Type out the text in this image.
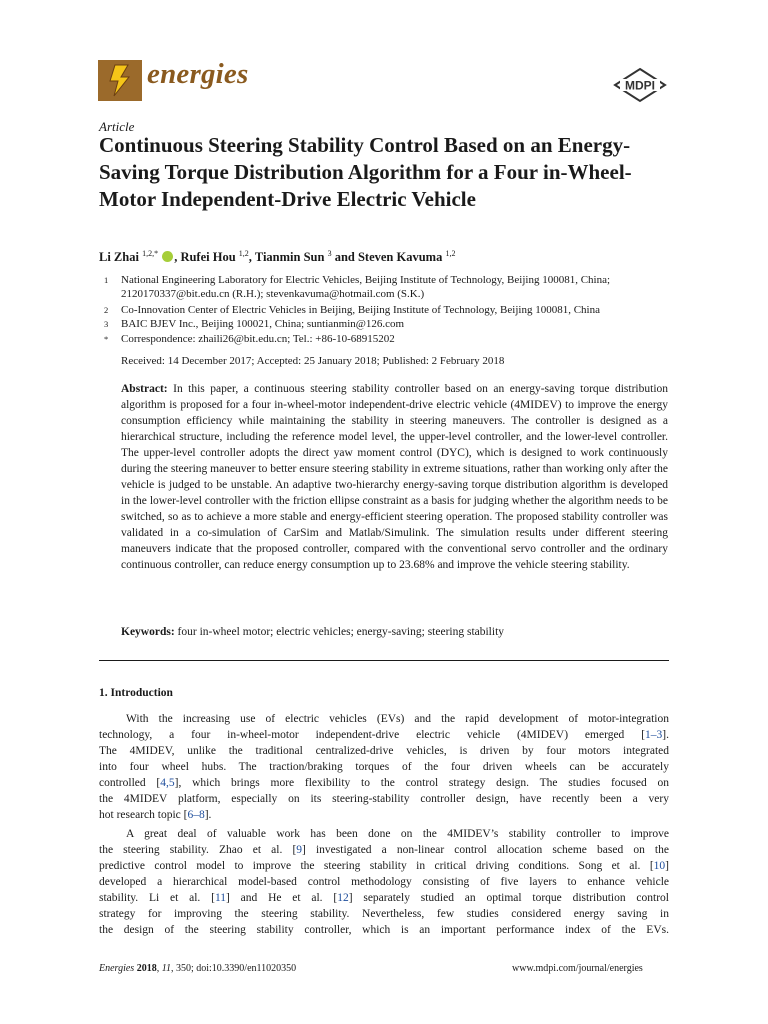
energies	MDPI
Article
Continuous Steering Stability Control Based on an Energy-Saving Torque Distribution Algorithm for a Four in-Wheel-Motor Independent-Drive Electric Vehicle
Li Zhai $^{1,2,*}$ , Rufei Hou $^{1,2}$, Tianmin Sun $^3$ and Steven Kavuma $^{1,2}$
1 National Engineering Laboratory for Electric Vehicles, Beijing Institute of Technology, Beijing 100081, China; 2120170337@bit.edu.cn (R.H.); stevenkavuma@hotmail.com (S.K.)
2 Co-Innovation Center of Electric Vehicles in Beijing, Beijing Institute of Technology, Beijing 100081, China
3 BAIC BJEV Inc., Beijing 100021, China; suntianmin@126.com
* Correspondence: zhaili26@bit.edu.cn; Tel.: +86-10-68915202
Received: 14 December 2017; Accepted: 25 January 2018; Published: 2 February 2018
Abstract: In this paper, a continuous steering stability controller based on an energy-saving torque distribution algorithm is proposed for a four in-wheel-motor independent-drive electric vehicle (4MIDEV) to improve the energy consumption efficiency while maintaining the stability in steering maneuvers. The controller is designed as a hierarchical structure, including the reference model level, the upper-level controller, and the lower-level controller. The upper-level controller adopts the direct yaw moment control (DYC), which is designed to work continuously during the steering maneuver to better ensure steering stability in extreme situations, rather than working only after the vehicle is judged to be unstable. An adaptive two-hierarchy energy-saving torque distribution algorithm is developed in the lower-level controller with the friction ellipse constraint as a basis for judging whether the algorithm needs to be switched, so as to achieve a more stable and energy-efficient steering operation. The proposed stability controller was validated in a co-simulation of CarSim and Matlab/Simulink. The simulation results under different steering maneuvers indicate that the proposed controller, compared with the conventional servo controller and the ordinary continuous controller, can reduce energy consumption up to 23.68% and improve the vehicle steering stability.
Keywords: four in-wheel motor; electric vehicles; energy-saving; steering stability
1. Introduction
With the increasing use of electric vehicles (EVs) and the rapid development of motor-integration
technology, a four in-wheel-motor independent-drive electric vehicle (4MIDEV) emerged [1–3].
The 4MIDEV, unlike the traditional centralized-drive vehicles, is driven by four motors integrated
into four wheel hubs. The traction/braking torques of the four driven wheels can be accurately
controlled [4,5], which brings more flexibility to the control strategy design. The studies focused on
the 4MIDEV platform, especially on its steering-stability controller design, have recently been a very
hot research topic [6–8].
A great deal of valuable work has been done on the 4MIDEV’s stability controller to improve
the steering stability. Zhao et al. [9] investigated a non-linear control allocation scheme based on the
predictive control model to improve the steering stability in critical driving conditions. Song et al. [10]
developed a hierarchical model-based control methodology consisting of five layers to enhance vehicle
stability. Li et al. [11] and He et al. [12] separately studied an optimal torque distribution control
strategy for improving the steering stability. Nevertheless, few studies considered energy saving in
the design of the steering stability controller, which is an important performance index of the EVs.
Energies 2018, 11, 350; doi:10.3390/en11020350	www.mdpi.com/journal/energies
